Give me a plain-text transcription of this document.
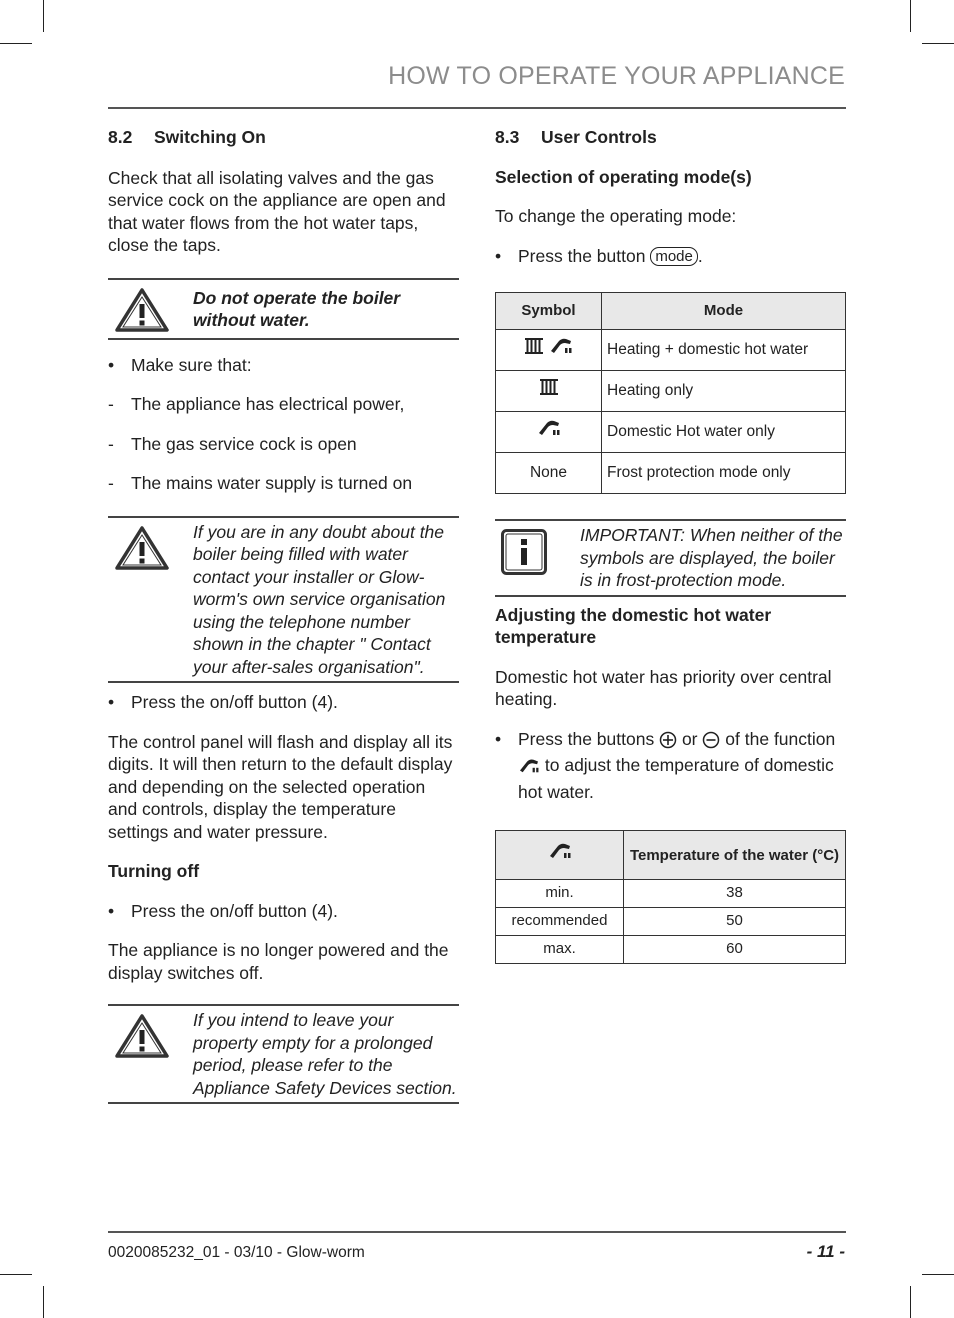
HOW TO OPERATE YOUR APPLIANCE
8.2 Switching On

Check that all isolating valves and the gas service cock on the appliance are open and that water flows from the hot water taps, close the taps.

Do not operate the boiler without water.
• Make sure that:
- The appliance has electrical power,
- The gas service cock is open
- The mains water supply is turned on
If you are in any doubt about the boiler being filled with water contact your installer or Glow-worm's own service organisation using the telephone number shown in the chapter " Contact your after-sales organisation".
• Press the on/off button (4).

The control panel will flash and display all its digits. It will then return to the default display and depending on the selected operation and controls, display the temperature settings and water pressure.

Turning off
• Press the on/off button (4).

The appliance is no longer powered and the display switches off.

If you intend to leave your property empty for a prolonged period, please refer to the Appliance Safety Devices section.
8.3 User Controls
Selection of operating mode(s)

To change the operating mode:

• Press the button mode .
Symbol	Mode
	Heating + domestic hot water
	Heating only
	Domestic Hot water only
None	Frost protection mode only
IMPORTANT: When neither of the symbols are displayed, the boiler is in frost-protection mode.
Adjusting the domestic hot water temperature

Domestic hot water has priority over central heating.

• Press the buttons or of the function  to adjust the temperature of domestic hot water.
	Temperature of the water (°C)
min.	38
recommended	50
max.	60
0020085232_01 - 03/10 - Glow-worm	- 11 -
